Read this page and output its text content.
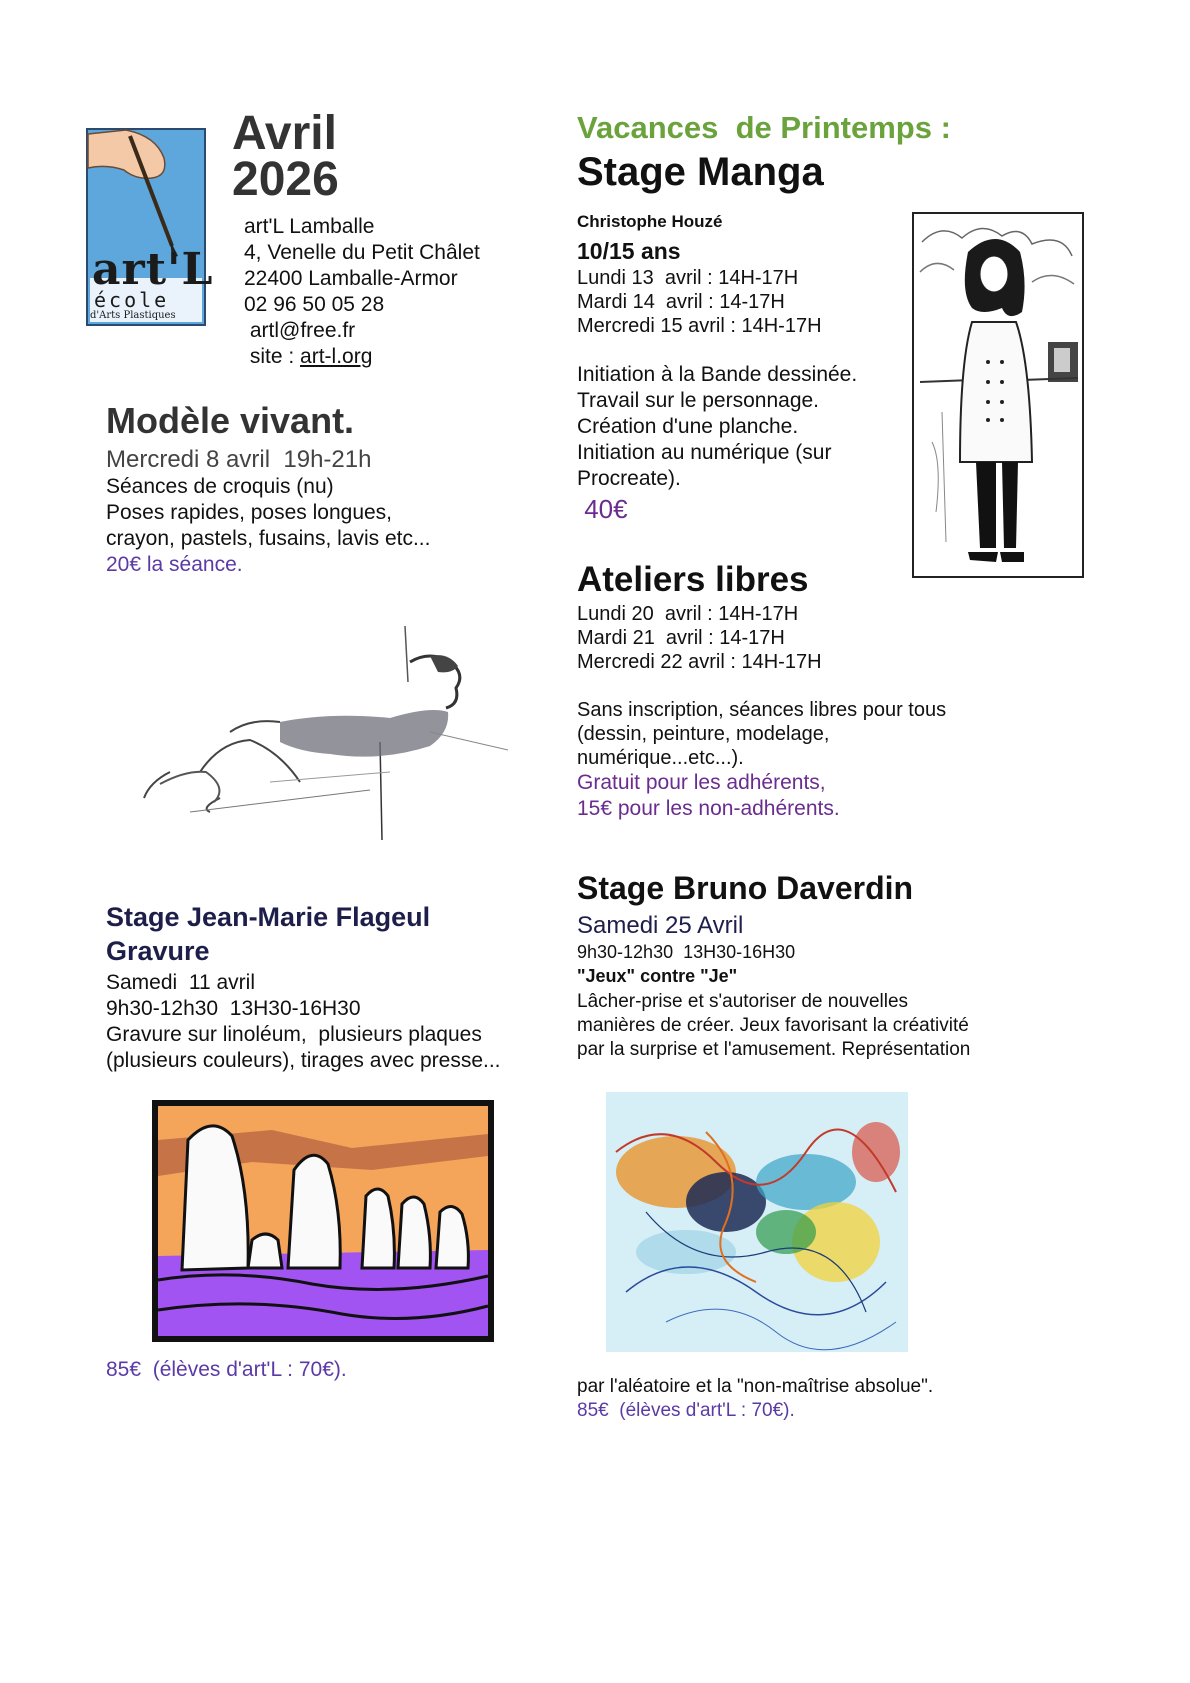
art'L
école
d'Arts Plastiques
Avril
2026
art'L Lamballe
4, Venelle du Petit Châlet
22400 Lamballe-Armor
02 96 50 05 28
artl@free.fr
site : art-l.org
Modèle vivant.
Mercredi 8 avril  19h-21h
Séances de croquis (nu)
Poses rapides, poses longues,
crayon, pastels, fusains, lavis etc...
20€ la séance.
Stage Jean-Marie Flageul
Gravure
Samedi  11 avril
9h30-12h30  13H30-16H30
Gravure sur linoléum,  plusieurs plaques
(plusieurs couleurs), tirages avec presse...
85€  (élèves d'art'L : 70€).
Vacances  de Printemps :
Stage Manga
Christophe Houzé
10/15 ans
Lundi 13  avril : 14H-17H
Mardi 14  avril : 14-17H
Mercredi 15 avril : 14H-17H
Initiation à la Bande dessinée.
Travail sur le personnage.
Création d'une planche.
Initiation au numérique (sur
Procreate).
40€
Ateliers libres
Lundi 20  avril : 14H-17H
Mardi 21  avril : 14-17H
Mercredi 22 avril : 14H-17H
Sans inscription, séances libres pour tous
(dessin, peinture, modelage,
numérique...etc...).
Gratuit pour les adhérents,
15€ pour les non-adhérents.
Stage Bruno Daverdin
Samedi 25 Avril
9h30-12h30  13H30-16H30
"Jeux" contre "Je"
Lâcher-prise et s'autoriser de nouvelles
manières de créer. Jeux favorisant la créativité
par la surprise et l'amusement. Représentation
par l'aléatoire et la "non-maîtrise absolue".
85€  (élèves d'art'L : 70€).
